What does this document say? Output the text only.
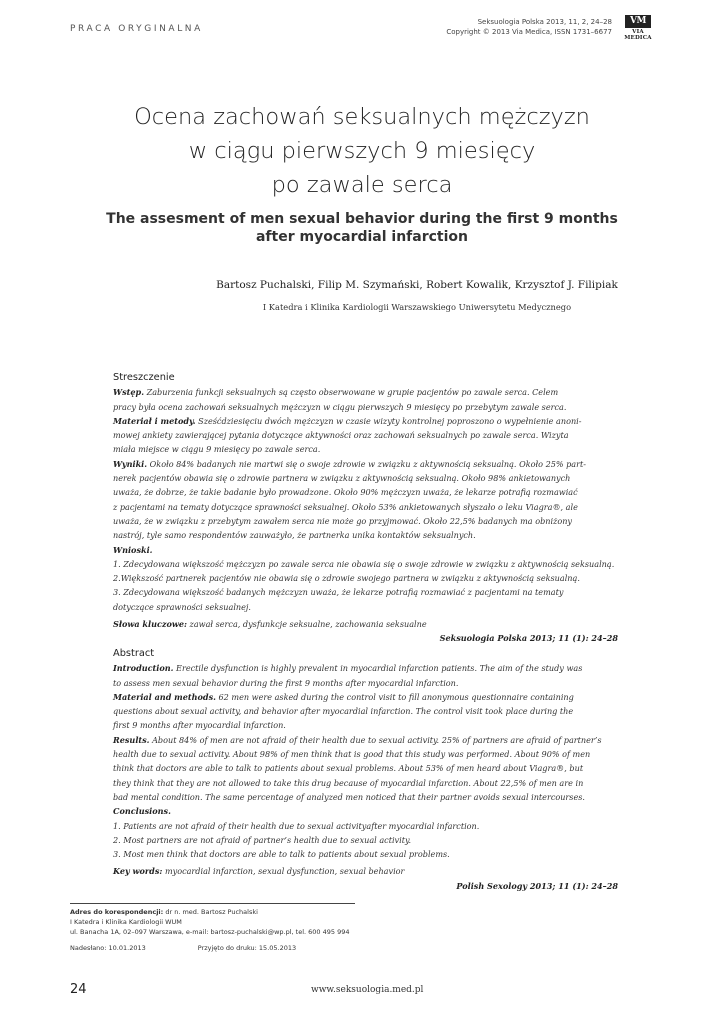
PRACA ORYGINALNA
Seksuologia Polska 2013, 11, 2, 24–28
Copyright © 2013 Via Medica, ISSN 1731–6677
VM
VIA MEDICA
Ocena zachowań seksualnych mężczyzn
w ciągu pierwszych 9 miesięcy
po zawale serca
The assesment of men sexual behavior during the first 9 months
after myocardial infarction
Bartosz Puchalski, Filip M. Szymański, Robert Kowalik, Krzysztof J. Filipiak
I Katedra i Klinika Kardiologii Warszawskiego Uniwersytetu Medycznego
Streszczenie
Wstęp. Zaburzenia funkcji seksualnych są często obserwowane w grupie pacjentów po zawale serca. Celem
pracy była ocena zachowań seksualnych mężczyzn w ciągu pierwszych 9 miesięcy po przebytym zawale serca.
Materiał i metody. Sześćdziesięciu dwóch mężczyzn w czasie wizyty kontrolnej poproszono o wypełnienie anoni-
mowej ankiety zawierającej pytania dotyczące aktywności oraz zachowań seksualnych po zawale serca. Wizyta
miała miejsce w ciągu 9 miesięcy po zawale serca.
Wyniki. Około 84% badanych nie martwi się o swoje zdrowie w związku z aktywnością seksualną. Około 25% part-
nerek pacjentów obawia się o zdrowie partnera w związku z aktywnością seksualną. Około 98% ankietowanych
uważa, że dobrze, że takie badanie było prowadzone. Około 90% mężczyzn uważa, że lekarze potrafią rozmawiać
z pacjentami na tematy dotyczące sprawności seksualnej. Około 53% ankietowanych słyszało o leku Viagra®, ale
uważa, że w związku z przebytym zawałem serca nie może go przyjmować. Około 22,5% badanych ma obniżony
nastrój, tyle samo respondentów zauważyło, że partnerka unika kontaktów seksualnych.
Wnioski.
1. Zdecydowana większość mężczyzn po zawale serca nie obawia się o swoje zdrowie w związku z aktywnością seksualną.
2.Większość partnerek pacjentów nie obawia się o zdrowie swojego partnera w związku z aktywnością seksualną.
3. Zdecydowana większość badanych mężczyzn uważa, że lekarze potrafią rozmawiać z pacjentami na tematy
dotyczące sprawności seksualnej.
Słowa kluczowe: zawał serca, dysfunkcje seksualne, zachowania seksualne
Seksuologia Polska 2013; 11 (1): 24–28
Abstract
Introduction. Erectile dysfunction is highly prevalent in myocardial infarction patients. The aim of the study was
to assess men sexual behavior during the first 9 months after myocardial infarction.
Material and methods. 62 men were asked during the control visit to fill anonymous questionnaire containing
questions about sexual activity, and behavior after myocardial infarction. The control visit took place during the
first 9 months after myocardial infarction.
Results. About 84% of men are not afraid of their health due to sexual activity. 25% of partners are afraid of partner’s
health due to sexual activity. About 98% of men think that is good that this study was performed. About 90% of men
think that doctors are able to talk to patients about sexual problems. About 53% of men heard about Viagra®, but
they think that they are not allowed to take this drug because of myocardial infarction. About 22,5% of men are in
bad mental condition. The same percentage of analyzed men noticed that their partner avoids sexual intercourses.
Conclusions.
1. Patients are not afraid of their health due to sexual activityafter myocardial infarction.
2. Most partners are not afraid of partner’s health due to sexual activity.
3. Most men think that doctors are able to talk to patients about sexual problems.
Key words: myocardial infarction, sexual dysfunction, sexual behavior
Polish Sexology 2013; 11 (1): 24–28
Adres do korespondencji: dr n. med. Bartosz Puchalski
I Katedra i Klinika Kardiologii WUM
ul. Banacha 1A, 02–097 Warszawa, e-mail: bartosz-puchalski@wp.pl, tel. 600 495 994
Nadesłano: 10.01.2013	Przyjęto do druku: 15.05.2013
24	www.seksuologia.med.pl
